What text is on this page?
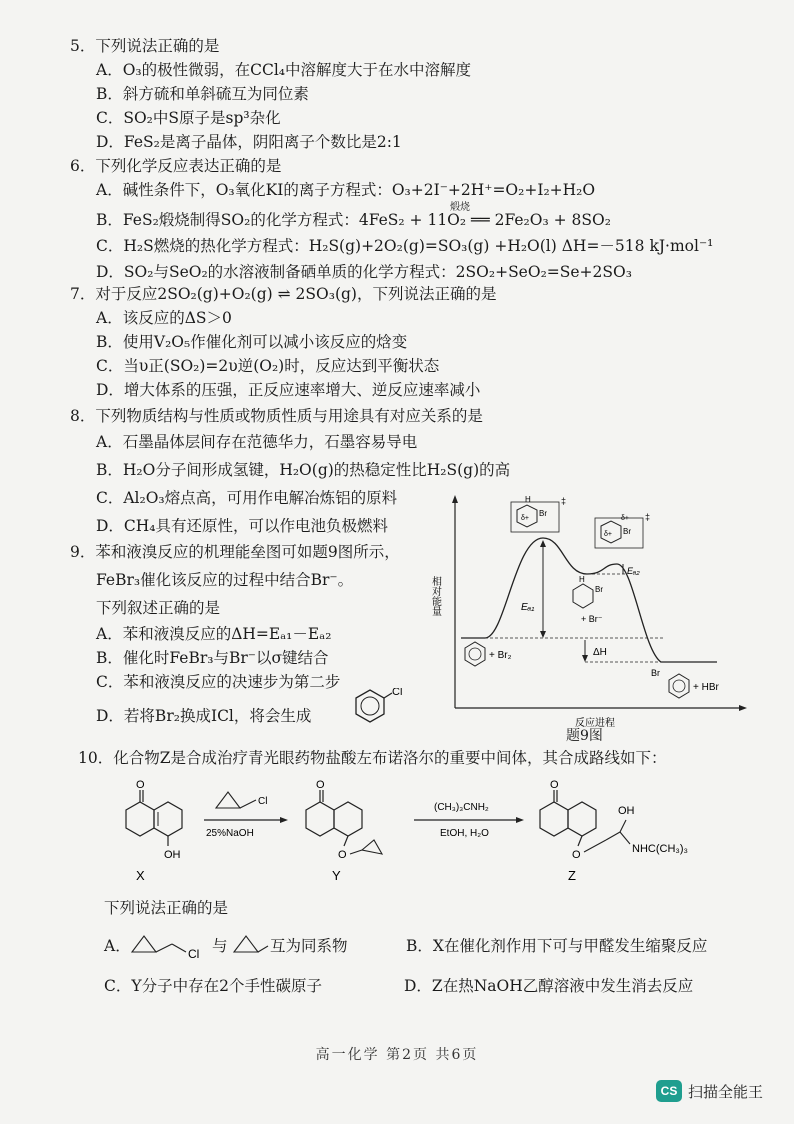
5．下列说法正确的是
A．O₃的极性微弱，在CCl₄中溶解度大于在水中溶解度
B．斜方硫和单斜硫互为同位素
C．SO₂中S原子是sp³杂化
D．FeS₂是离子晶体，阴阳离子个数比是2:1
6．下列化学反应表达正确的是
A．碱性条件下，O₃氧化KI的离子方程式：O₃+2I⁻+2H⁺=O₂+I₂+H₂O
B．FeS₂煅烧制得SO₂的化学方程式：4FeS₂ + 11O₂ ══ 2Fe₂O₃ + 8SO₂
煅烧
C．H₂S燃烧的热化学方程式：H₂S(g)+2O₂(g)=SO₃(g) +H₂O(l) ΔH=－518 kJ·mol⁻¹
D．SO₂与SeO₂的水溶液制备硒单质的化学方程式：2SO₂+SeO₂=Se+2SO₃
7．对于反应2SO₂(g)+O₂(g) ⇌ 2SO₃(g)，下列说法正确的是
A．该反应的ΔS＞0
B．使用V₂O₅作催化剂可以减小该反应的焓变
C．当υ正(SO₂)=2υ逆(O₂)时，反应达到平衡状态
D．增大体系的压强，正反应速率增大、逆反应速率减小
8．下列物质结构与性质或物质性质与用途具有对应关系的是
A．石墨晶体层间存在范德华力，石墨容易导电
B．H₂O分子间形成氢键，H₂O(g)的热稳定性比H₂S(g)的高
C．Al₂O₃熔点高，可用作电解冶炼铝的原料
D．CH₄具有还原性，可以作电池负极燃料
9．苯和液溴反应的机理能垒图可如题9图所示，
FeBr₃催化该反应的过程中结合Br⁻。
下列叙述正确的是
A．苯和液溴反应的ΔH=Eₐ₁－Eₐ₂
B．催化时FeBr₃与Br⁻以σ键结合
C．苯和液溴反应的决速步为第二步
D．若将Br₂换成ICl，将会生成
Cl
相对能量
反应进程
Eₐ₁
Eₐ₂
ΔH
+ Br₂
δ+
Br
H	‡
δ+ Br
δ+ ‡
Br
H
+ Br⁻
Br
+ HBr
题9图
10．化合物Z是合成治疗青光眼药物盐酸左布诺洛尔的重要中间体，其合成路线如下：
O
OH
X
Cl
25%NaOH
O
O
Y
(CH₃)₃CNH₂
EtOH, H₂O
O
O
OH
NHC(CH₃)₃
Z
下列说法正确的是
A．	Cl 与	互为同系物	B．X在催化剂作用下可与甲醛发生缩聚反应
C．Y分子中存在2个手性碳原子	D．Z在热NaOH乙醇溶液中发生消去反应
高一化学 第2页 共6页
CS 扫描全能王
